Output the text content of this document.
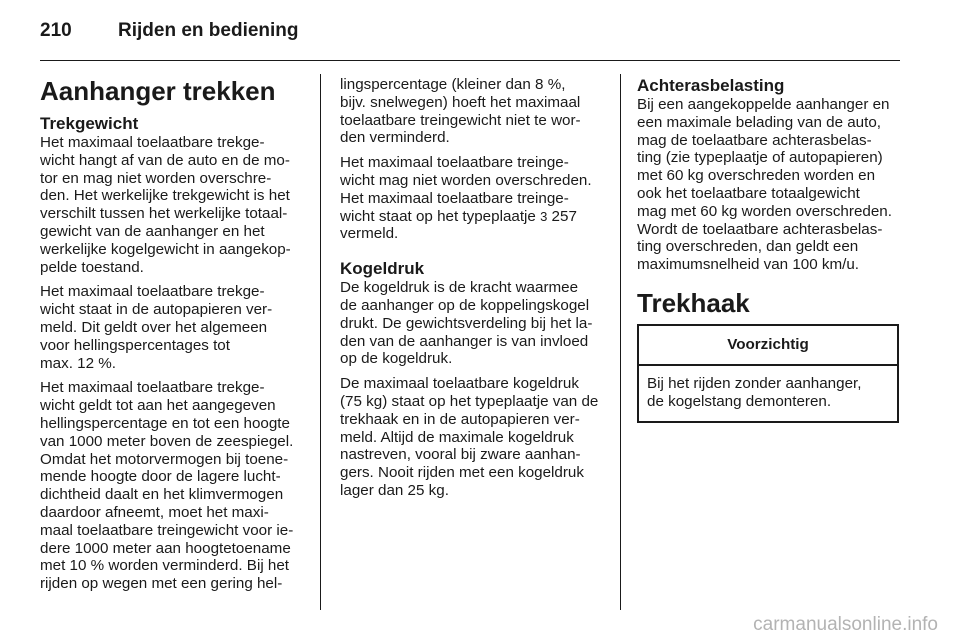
210 Rijden en bediening
Aanhanger trekken
Trekgewicht

Het maximaal toelaatbare trekge-
wicht hangt af van de auto en de mo-
tor en mag niet worden overschre-
den. Het werkelijke trekgewicht is het
verschilt tussen het werkelijke totaal-
gewicht van de aanhanger en het
werkelijke kogelgewicht in aangekop-
pelde toestand.

Het maximaal toelaatbare trekge-
wicht staat in de autopapieren ver-
meld. Dit geldt over het algemeen
voor hellingspercentages tot
max. 12 %.

Het maximaal toelaatbare trekge-
wicht geldt tot aan het aangegeven
hellingspercentage en tot een hoogte
van 1000 meter boven de zeespiegel.
Omdat het motorvermogen bij toene-
mende hoogte door de lagere lucht-
dichtheid daalt en het klimvermogen
daardoor afneemt, moet het maxi-
maal toelaatbare treingewicht voor ie-
dere 1000 meter aan hoogtetoename
met 10 % worden verminderd. Bij het
rijden op wegen met een gering hel-

lingspercentage (kleiner dan 8 %,
bijv. snelwegen) hoeft het maximaal
toelaatbare treingewicht niet te wor-
den verminderd.

Het maximaal toelaatbare treinge-
wicht mag niet worden overschreden.
Het maximaal toelaatbare treinge-
wicht staat op het typeplaatje 3 257
vermeld.

Kogeldruk

De kogeldruk is de kracht waarmee
de aanhanger op de koppelingskogel
drukt. De gewichtsverdeling bij het la-
den van de aanhanger is van invloed
op de kogeldruk.

De maximaal toelaatbare kogeldruk
(75 kg) staat op het typeplaatje van de
trekhaak en in de autopapieren ver-
meld. Altijd de maximale kogeldruk
nastreven, vooral bij zware aanhan-
gers. Nooit rijden met een kogeldruk
lager dan 25 kg.

Achterasbelasting

Bij een aangekoppelde aanhanger en
een maximale belading van de auto,
mag de toelaatbare achterasbelas-
ting (zie typeplaatje of autopapieren)
met 60 kg overschreden worden en
ook het toelaatbare totaalgewicht
mag met 60 kg worden overschreden.
Wordt de toelaatbare achterasbelas-
ting overschreden, dan geldt een
maximumsnelheid van 100 km/u.

Trekhaak
Voorzichtig
Bij het rijden zonder aanhanger,
de kogelstang demonteren.
carmanualsonline.info
